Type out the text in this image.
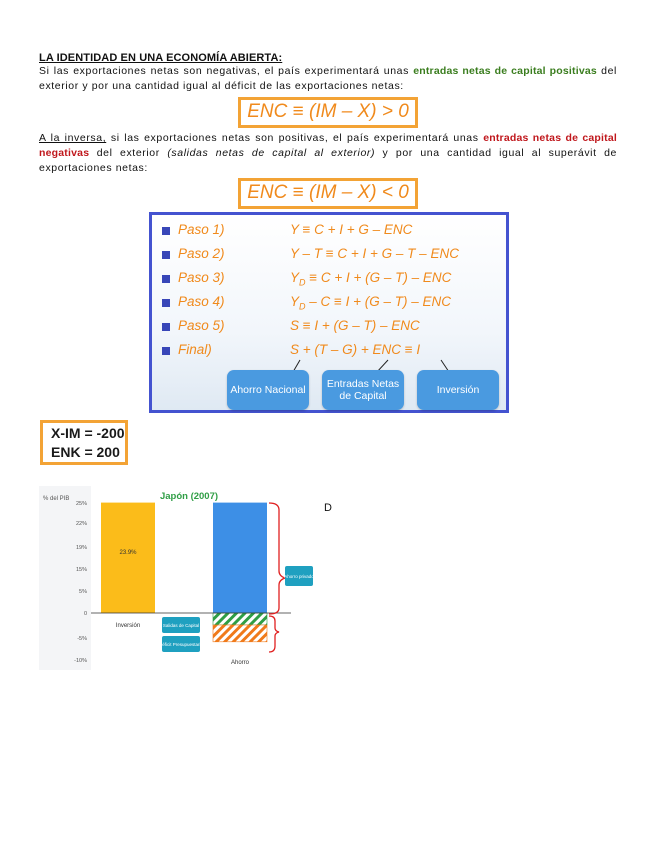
LA IDENTIDAD EN UNA ECONOMÍA ABIERTA:
Si las exportaciones netas son negativas, el país experimentará unas entradas netas de capital positivas del
exterior y por una cantidad igual al déficit de las exportaciones netas:
ENC ≡ (IM – X) > 0
A la inversa, si las exportaciones netas son positivas, el país experimentará unas entradas netas de capital
negativas del exterior (salidas netas de capital al exterior) y por una cantidad igual al superávit de
exportaciones netas:
ENC ≡ (IM – X) < 0
Paso 1)	Y ≡ C + I + G – ENC
Paso 2)	Y – T ≡ C + I + G – T – ENC
Paso 3)	$Y_D \equiv C + I + (G - T)$ – ENC
Paso 4)	$Y_D - C \equiv I + (G - T)$ – ENC
Paso 5)	S ≡ I + (G – T) – ENC
Final)	S + (T – G) + ENC ≡ I
Ahorro Nacional	Entradas Netas de Capital	Inversión
X-IM = -200
ENK = 200
% del PIB	Japón (2007)
25%
22%
19%
15%
5%
0
-5%
-10%
Inversión
Ahorro
23.9%
Ahorro privado
Salidas de Capital
Déficit Presupuestario
D
